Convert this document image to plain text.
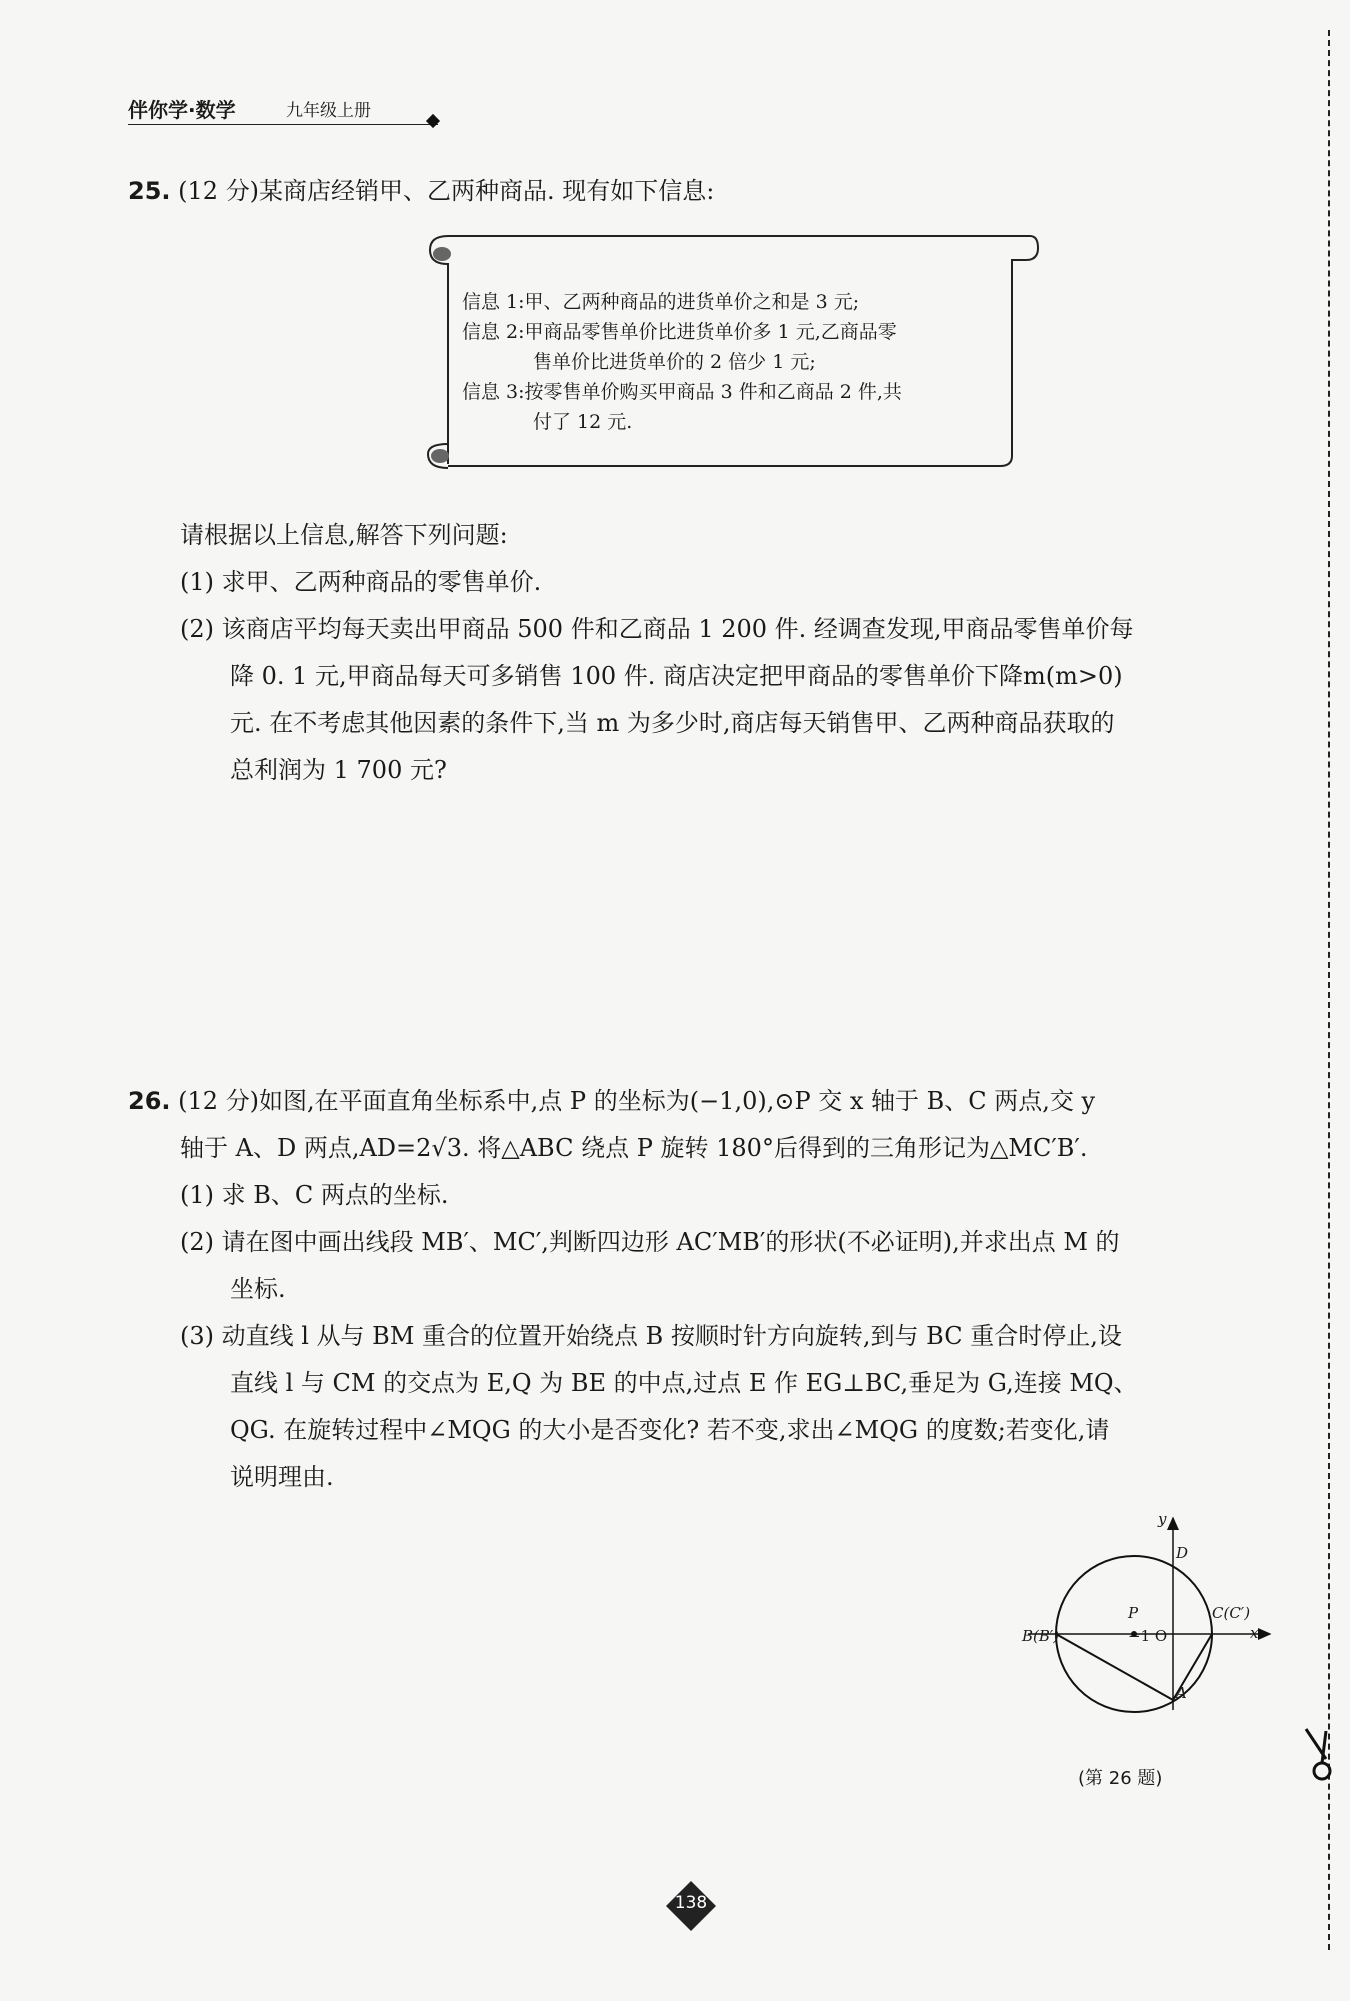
伴你学·数学	九年级上册
25. (12 分)某商店经销甲、乙两种商品. 现有如下信息:
信息 1:甲、乙两种商品的进货单价之和是 3 元;
信息 2:甲商品零售单价比进货单价多 1 元,乙商品零
售单价比进货单价的 2 倍少 1 元;
信息 3:按零售单价购买甲商品 3 件和乙商品 2 件,共
付了 12 元.
请根据以上信息,解答下列问题:
(1) 求甲、乙两种商品的零售单价.
(2) 该商店平均每天卖出甲商品 500 件和乙商品 1 200 件. 经调查发现,甲商品零售单价每
降 0. 1 元,甲商品每天可多销售 100 件. 商店决定把甲商品的零售单价下降m(m>0)
元. 在不考虑其他因素的条件下,当 m 为多少时,商店每天销售甲、乙两种商品获取的
总利润为 1 700 元?
26. (12 分)如图,在平面直角坐标系中,点 P 的坐标为(−1,0),⊙P 交 x 轴于 B、C 两点,交 y
轴于 A、D 两点,AD=2√3. 将△ABC 绕点 P 旋转 180°后得到的三角形记为△MC′B′.
(1) 求 B、C 两点的坐标.
(2) 请在图中画出线段 MB′、MC′,判断四边形 AC′MB′的形状(不必证明),并求出点 M 的
坐标.
(3) 动直线 l 从与 BM 重合的位置开始绕点 B 按顺时针方向旋转,到与 BC 重合时停止,设
直线 l 与 CM 的交点为 E,Q 为 BE 的中点,过点 E 作 EG⊥BC,垂足为 G,连接 MQ、
QG. 在旋转过程中∠MQG 的大小是否变化? 若不变,求出∠MQG 的度数;若变化,请
说明理由.
y
x
D
P	C(C′)
B(B′)	−1 O
A
(第 26 题)
138
